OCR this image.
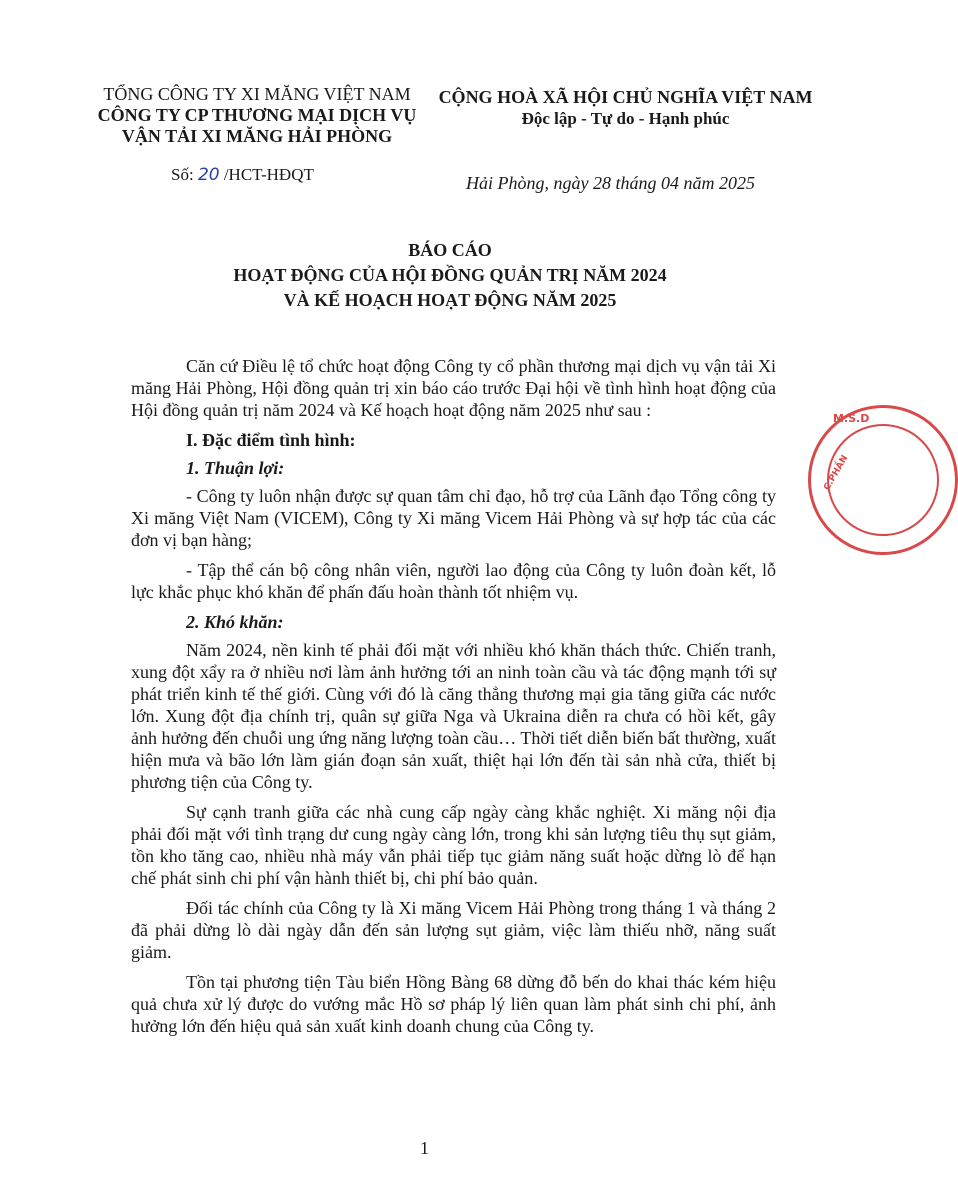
TỔNG CÔNG TY XI MĂNG VIỆT NAM
CÔNG TY CP THƯƠNG MẠI DỊCH VỤ
VẬN TẢI XI MĂNG HẢI PHÒNG
CỘNG HOÀ XÃ HỘI CHỦ NGHĨA VIỆT NAM
Độc lập - Tự do - Hạnh phúc
Số: 20 /HCT-HĐQT	Hải Phòng, ngày 28 tháng 04 năm 2025
BÁO CÁO
HOẠT ĐỘNG CỦA HỘI ĐỒNG QUẢN TRỊ NĂM 2024
VÀ KẾ HOẠCH HOẠT ĐỘNG NĂM 2025

Căn cứ Điều lệ tổ chức hoạt động Công ty cổ phần thương mại dịch vụ vận tải Xi măng Hải Phòng, Hội đồng quản trị xin báo cáo trước Đại hội về tình hình hoạt động của Hội đồng quản trị năm 2024 và Kế hoạch hoạt động năm 2025 như sau :

I. Đặc điểm tình hình:
1. Thuận lợi:

- Công ty luôn nhận được sự quan tâm chỉ đạo, hỗ trợ của Lãnh đạo Tổng công ty Xi măng Việt Nam (VICEM), Công ty Xi măng Vicem Hải Phòng và sự hợp tác của các đơn vị bạn hàng;

- Tập thể cán bộ công nhân viên, người lao động của Công ty luôn đoàn kết, lỗ lực khắc phục khó khăn để phấn đấu hoàn thành tốt nhiệm vụ.

2. Khó khăn:

Năm 2024, nền kinh tế phải đối mặt với nhiều khó khăn thách thức. Chiến tranh, xung đột xẩy ra ở nhiều nơi làm ảnh hưởng tới an ninh toàn cầu và tác động mạnh tới sự phát triển kinh tế thế giới. Cùng với đó là căng thẳng thương mại gia tăng giữa các nước lớn. Xung đột địa chính trị, quân sự giữa Nga và Ukraina diễn ra chưa có hồi kết, gây ảnh hưởng đến chuỗi ung ứng năng lượng toàn cầu… Thời tiết diễn biến bất thường, xuất hiện mưa và bão lớn làm gián đoạn sản xuất, thiệt hại lớn đến tài sản nhà cửa, thiết bị phương tiện của Công ty.

Sự cạnh tranh giữa các nhà cung cấp ngày càng khắc nghiệt. Xi măng nội địa phải đối mặt với tình trạng dư cung ngày càng lớn, trong khi sản lượng tiêu thụ sụt giảm, tồn kho tăng cao, nhiều nhà máy vẫn phải tiếp tục giảm năng suất hoặc dừng lò để hạn chế phát sinh chi phí vận hành thiết bị, chi phí bảo quản.

Đối tác chính của Công ty là Xi măng Vicem Hải Phòng trong tháng 1 và tháng 2 đã phải dừng lò dài ngày dẫn đến sản lượng sụt giảm, việc làm thiếu nhỡ, năng suất giảm.

Tồn tại phương tiện Tàu biển Hồng Bàng 68 dừng đỗ bến do khai thác kém hiệu quả chưa xử lý được do vướng mắc Hồ sơ pháp lý liên quan làm phát sinh chi phí, ảnh hưởng lớn đến hiệu quả sản xuất kinh doanh chung của Công ty.

1
M.S.D
C.PHẦN
